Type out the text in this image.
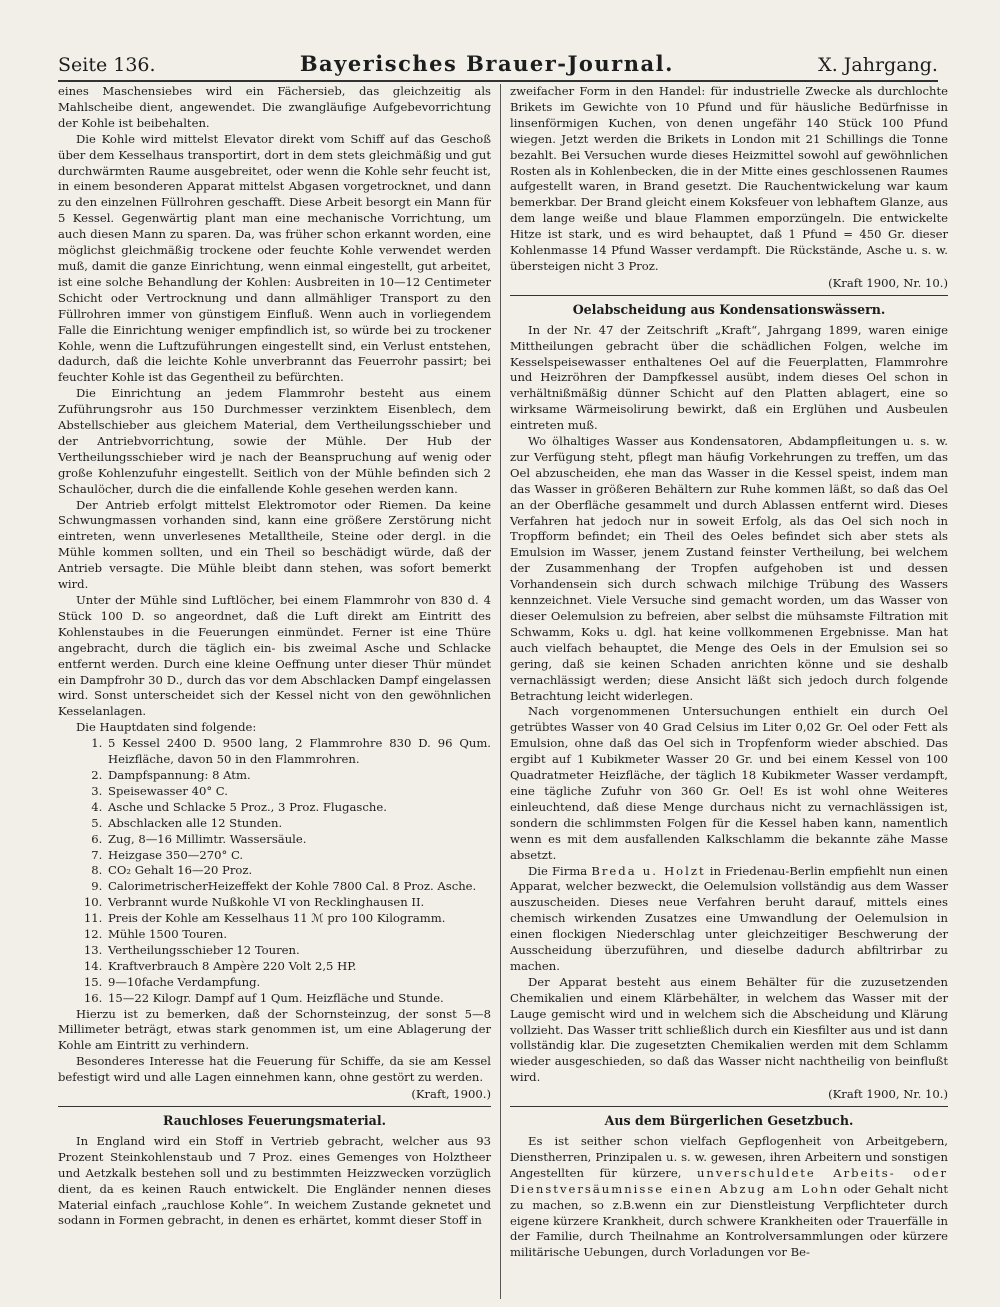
Seite 136.	Bayerisches Brauer-Journal.	X. Jahrgang.

eines Maschensiebes wird ein Fächersieb, das gleichzeitig als Mahlscheibe dient, angewendet. Die zwangläufige Aufgebevorrichtung der Kohle ist beibehalten.

Die Kohle wird mittelst Elevator direkt vom Schiff auf das Geschoß über dem Kesselhaus transportirt, dort in dem stets gleichmäßig und gut durchwärmten Raume ausgebreitet, oder wenn die Kohle sehr feucht ist, in einem besonderen Apparat mittelst Abgasen vorgetrocknet, und dann zu den einzelnen Füllrohren geschafft. Diese Arbeit besorgt ein Mann für 5 Kessel. Gegenwärtig plant man eine mechanische Vorrichtung, um auch diesen Mann zu sparen. Da, was früher schon erkannt worden, eine möglichst gleichmäßig trockene oder feuchte Kohle verwendet werden muß, damit die ganze Einrichtung, wenn einmal eingestellt, gut arbeitet, ist eine solche Behandlung der Kohlen: Ausbreiten in 10—12 Centimeter Schicht oder Vertrocknung und dann allmähliger Transport zu den Füllrohren immer von günstigem Einfluß. Wenn auch in vorliegendem Falle die Einrichtung weniger empfindlich ist, so würde bei zu trockener Kohle, wenn die Luftzuführungen eingestellt sind, ein Verlust entstehen, dadurch, daß die leichte Kohle unverbrannt das Feuerrohr passirt; bei feuchter Kohle ist das Gegentheil zu befürchten.

Die Einrichtung an jedem Flammrohr besteht aus einem Zuführungsrohr aus 150 Durchmesser verzinktem Eisenblech, dem Abstellschieber aus gleichem Material, dem Vertheilungsschieber und der Antriebvorrichtung, sowie der Mühle. Der Hub der Vertheilungsschieber wird je nach der Beanspruchung auf wenig oder große Kohlenzufuhr eingestellt. Seitlich von der Mühle befinden sich 2 Schaulöcher, durch die die einfallende Kohle gesehen werden kann.

Der Antrieb erfolgt mittelst Elektromotor oder Riemen. Da keine Schwungmassen vorhanden sind, kann eine größere Zerstörung nicht eintreten, wenn unverlesenes Metalltheile, Steine oder dergl. in die Mühle kommen sollten, und ein Theil so beschädigt würde, daß der Antrieb versagte. Die Mühle bleibt dann stehen, was sofort bemerkt wird.

Unter der Mühle sind Luftlöcher, bei einem Flammrohr von 830 d. 4 Stück 100 D. so angeordnet, daß die Luft direkt am Eintritt des Kohlenstaubes in die Feuerungen einmündet. Ferner ist eine Thüre angebracht, durch die täglich ein- bis zweimal Asche und Schlacke entfernt werden. Durch eine kleine Oeffnung unter dieser Thür mündet ein Dampfrohr 30 D., durch das vor dem Abschlacken Dampf eingelassen wird. Sonst unterscheidet sich der Kessel nicht von den gewöhnlichen Kesselanlagen.

Die Hauptdaten sind folgende:

1. 5 Kessel 2400 D. 9500 lang, 2 Flammrohre 830 D. 96 Qum. Heizfläche, davon 50 in den Flammrohren.
2. Dampfspannung: 8 Atm.
3. Speisewasser 40° C.
4. Asche und Schlacke 5 Proz., 3 Proz. Flugasche.
5. Abschlacken alle 12 Stunden.
6. Zug, 8—16 Millimtr. Wassersäule.
7. Heizgase 350—270° C.
8. CO₂ Gehalt 16—20 Proz.
9. CalorimetrischerHeizeffekt der Kohle 7800 Cal. 8 Proz. Asche.
10. Verbrannt wurde Nußkohle VI von Recklinghausen II.
11. Preis der Kohle am Kesselhaus 11 ℳ pro 100 Kilogramm.
12. Mühle 1500 Touren.
13. Vertheilungsschieber 12 Touren.
14. Kraftverbrauch 8 Ampère 220 Volt 2,5 HP.
15. 9—10fache Verdampfung.
16. 15—22 Kilogr. Dampf auf 1 Qum. Heizfläche und Stunde.

Hierzu ist zu bemerken, daß der Schornsteinzug, der sonst 5—8 Millimeter beträgt, etwas stark genommen ist, um eine Ablagerung der Kohle am Eintritt zu verhindern.

Besonderes Interesse hat die Feuerung für Schiffe, da sie am Kessel befestigt wird und alle Lagen einnehmen kann, ohne gestört zu werden.

(Kraft, 1900.)
Rauchloses Feuerungsmaterial.

In England wird ein Stoff in Vertrieb gebracht, welcher aus 93 Prozent Steinkohlenstaub und 7 Proz. eines Gemenges von Holztheer und Aetzkalk bestehen soll und zu bestimmten Heizzwecken vorzüglich dient, da es keinen Rauch entwickelt. Die Engländer nennen dieses Material einfach „rauchlose Kohle“. In weichem Zustande geknetet und sodann in Formen gebracht, in denen es erhärtet, kommt dieser Stoff in

zweifacher Form in den Handel: für industrielle Zwecke als durchlochte Brikets im Gewichte von 10 Pfund und für häusliche Bedürfnisse in linsenförmigen Kuchen, von denen ungefähr 140 Stück 100 Pfund wiegen. Jetzt werden die Brikets in London mit 21 Schillings die Tonne bezahlt. Bei Versuchen wurde dieses Heizmittel sowohl auf gewöhnlichen Rosten als in Kohlenbecken, die in der Mitte eines geschlossenen Raumes aufgestellt waren, in Brand gesetzt. Die Rauchentwickelung war kaum bemerkbar. Der Brand gleicht einem Koksfeuer von lebhaftem Glanze, aus dem lange weiße und blaue Flammen emporzüngeln. Die entwickelte Hitze ist stark, und es wird behauptet, daß 1 Pfund = 450 Gr. dieser Kohlenmasse 14 Pfund Wasser verdampft. Die Rückstände, Asche u. s. w. übersteigen nicht 3 Proz.

(Kraft 1900, Nr. 10.)
Oelabscheidung aus Kondensationswässern.

In der Nr. 47 der Zeitschrift „Kraft“, Jahrgang 1899, waren einige Mittheilungen gebracht über die schädlichen Folgen, welche im Kesselspeisewasser enthaltenes Oel auf die Feuerplatten, Flammrohre und Heizröhren der Dampfkessel ausübt, indem dieses Oel schon in verhältnißmäßig dünner Schicht auf den Platten ablagert, eine so wirksame Wärmeisolirung bewirkt, daß ein Erglühen und Ausbeulen eintreten muß.

Wo ölhaltiges Wasser aus Kondensatoren, Abdampfleitungen u. s. w. zur Verfügung steht, pflegt man häufig Vorkehrungen zu treffen, um das Oel abzuscheiden, ehe man das Wasser in die Kessel speist, indem man das Wasser in größeren Behältern zur Ruhe kommen läßt, so daß das Oel an der Oberfläche gesammelt und durch Ablassen entfernt wird. Dieses Verfahren hat jedoch nur in soweit Erfolg, als das Oel sich noch in Tropfform befindet; ein Theil des Oeles befindet sich aber stets als Emulsion im Wasser, jenem Zustand feinster Vertheilung, bei welchem der Zusammenhang der Tropfen aufgehoben ist und dessen Vorhandensein sich durch schwach milchige Trübung des Wassers kennzeichnet. Viele Versuche sind gemacht worden, um das Wasser von dieser Oelemulsion zu befreien, aber selbst die mühsamste Filtration mit Schwamm, Koks u. dgl. hat keine vollkommenen Ergebnisse. Man hat auch vielfach behauptet, die Menge des Oels in der Emulsion sei so gering, daß sie keinen Schaden anrichten könne und sie deshalb vernachlässigt werden; diese Ansicht läßt sich jedoch durch folgende Betrachtung leicht widerlegen.

Nach vorgenommenen Untersuchungen enthielt ein durch Oel getrübtes Wasser von 40 Grad Celsius im Liter 0,02 Gr. Oel oder Fett als Emulsion, ohne daß das Oel sich in Tropfenform wieder abschied. Das ergibt auf 1 Kubikmeter Wasser 20 Gr. und bei einem Kessel von 100 Quadratmeter Heizfläche, der täglich 18 Kubikmeter Wasser verdampft, eine tägliche Zufuhr von 360 Gr. Oel! Es ist wohl ohne Weiteres einleuchtend, daß diese Menge durchaus nicht zu vernachlässigen ist, sondern die schlimmsten Folgen für die Kessel haben kann, namentlich wenn es mit dem ausfallenden Kalkschlamm die bekannte zähe Masse absetzt.

Die Firma Breda u. Holzt in Friedenau-Berlin empfiehlt nun einen Apparat, welcher bezweckt, die Oelemulsion vollständig aus dem Wasser auszuscheiden. Dieses neue Verfahren beruht darauf, mittels eines chemisch wirkenden Zusatzes eine Umwandlung der Oelemulsion in einen flockigen Niederschlag unter gleichzeitiger Beschwerung der Ausscheidung überzuführen, und dieselbe dadurch abfiltrirbar zu machen.

Der Apparat besteht aus einem Behälter für die zuzusetzenden Chemikalien und einem Klärbehälter, in welchem das Wasser mit der Lauge gemischt wird und in welchem sich die Abscheidung und Klärung vollzieht. Das Wasser tritt schließlich durch ein Kiesfilter aus und ist dann vollständig klar. Die zugesetzten Chemikalien werden mit dem Schlamm wieder ausgeschieden, so daß das Wasser nicht nachtheilig von beinflußt wird.

(Kraft 1900, Nr. 10.)
Aus dem Bürgerlichen Gesetzbuch.

Es ist seither schon vielfach Gepflogenheit von Arbeitgebern, Dienstherren, Prinzipalen u. s. w. gewesen, ihren Arbeitern und sonstigen Angestellten für kürzere, unverschuldete Arbeits- oder Dienstversäumnisse einen Abzug am Lohn oder Gehalt nicht zu machen, so z.B.wenn ein zur Dienstleistung Verpflichteter durch eigene kürzere Krankheit, durch schwere Krankheiten oder Trauerfälle in der Familie, durch Theilnahme an Kontrolversammlungen oder kürzere militärische Uebungen, durch Vorladungen vor Be-
